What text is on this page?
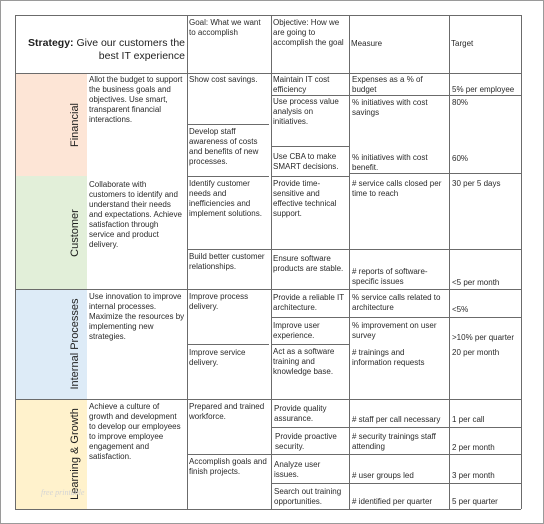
Strategy: Give our customers the best IT experience
Goal: What we want to accomplish
Objective: How we are going to accomplish the goal Measure	Target
Financial
Allot the budget to support the business goals and objectives. Use smart, transparent financial interactions.
Show cost savings.
Develop staff awareness of costs and benefits of new processes.
Maintain IT cost efficiency
Use process value analysis on initiatives.
Use CBA to make SMART decisions.
Expenses as a % of budget
% initiatives with cost savings
% initiatives with cost benefit.
5% per employee
80%
60%
Customer
Collaborate with customers to identify and understand their needs and expectations. Achieve satisfaction through service and product delivery.
Identify customer needs and inefficiencies and implement solutions.
Build better customer relationships.
Provide time-sensitive and effective technical support.
Ensure software products are stable.
# service calls closed per time to reach
# reports of software-specific issues
30 per 5 days
<5 per month
Internal Processes
Use innovation to improve internal processes. Maximize the resources by implementing new strategies.
Improve process delivery.
Improve service delivery.
Provide a reliable IT architecture.
Improve user experience.
Act as a software training and knowledge base.
% service calls related to architecture
% improvement on user survey
# trainings and information requests
<5%
>10% per quarter
20 per month
Learning & Growth
Achieve a culture of growth and development to develop our employees to improve employee engagement and satisfaction.
Prepared and trained workforce.
Accomplish goals and finish projects.
Provide quality assurance.
Provide proactive security.
Analyze user issues.
Search out training opportunities.
# staff per call necessary
# security trainings staff attending
# user groups led
# identified per quarter
1 per call
2 per month
3 per month
5 per quarter
free printable
